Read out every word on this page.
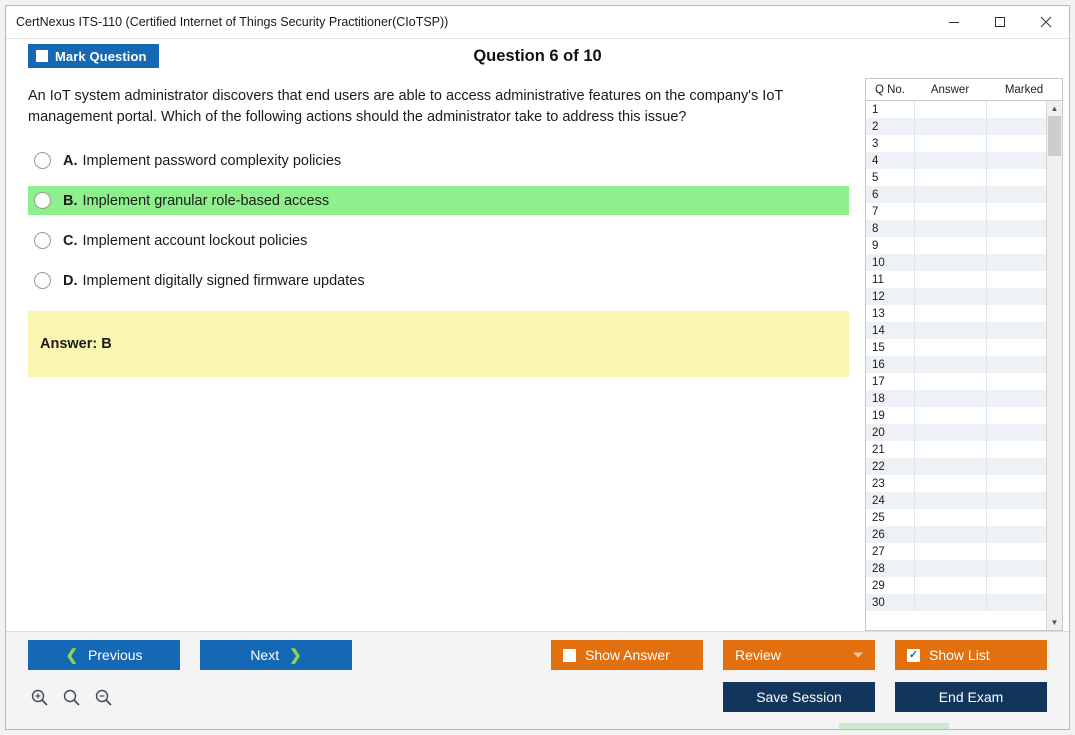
CertNexus ITS-110 (Certified Internet of Things Security Practitioner(CIoTSP))
Mark Question	Question 6 of 10

An IoT system administrator discovers that end users are able to access administrative features on the company's IoT management portal. Which of the following actions should the administrator take to address this issue?

A. Implement password complexity policies
B. Implement granular role-based access
C. Implement account lockout policies
D. Implement digitally signed firmware updates
Answer: B
Q No.	Answer	Marked
1
2
3
4
5
6
7
8
9
10
11
12
13
14
15
16
17
18
19
20
21
22
23
24
25
26
27
28
29
30
▲
▼
❮ Previous	Next ❯	Show Answer	Review	✓ Show List
Save Session	End Exam
